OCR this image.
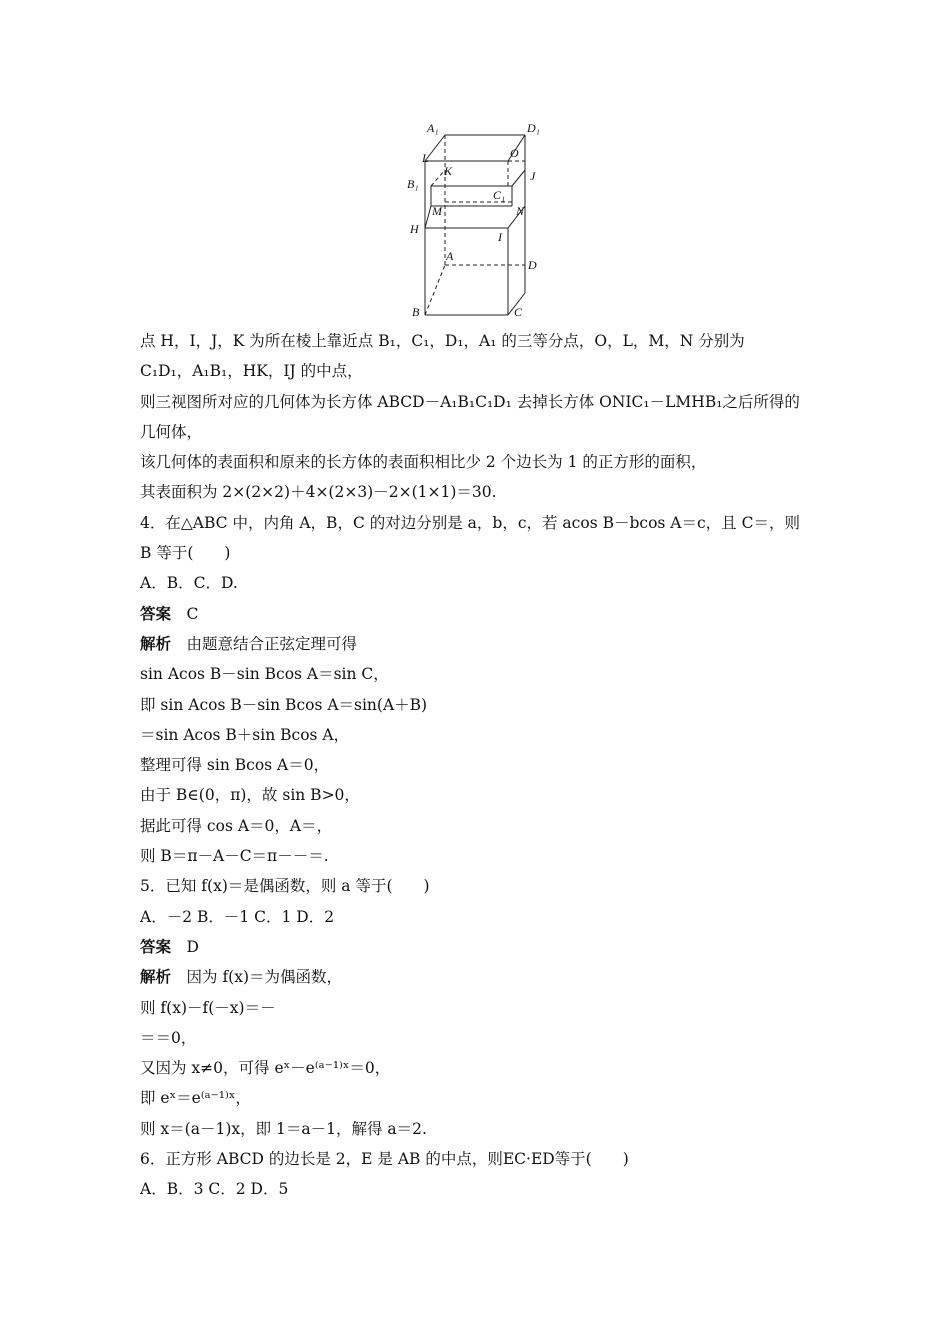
A₁	D₁
L	O
K
B₁
J
C₁
M	N
H
I
A
D
B	C
点 H，I，J，K 为所在棱上靠近点 B₁，C₁，D₁，A₁ 的三等分点，O，L，M，N 分别为
C₁D₁，A₁B₁，HK，IJ 的中点，
则三视图所对应的几何体为长方体 ABCD－A₁B₁C₁D₁ 去掉长方体 ONIC₁－LMHB₁之后所得的
几何体，
该几何体的表面积和原来的长方体的表面积相比少 2 个边长为 1 的正方形的面积，
其表面积为 2×(2×2)＋4×(2×3)－2×(1×1)＝30.
4．在△ABC 中，内角 A，B，C 的对边分别是 a，b，c，若 acos B－bcos A＝c，且 C＝，则
B 等于(　　)
A．B．C．D.
答案　C
解析　由题意结合正弦定理可得
sin Acos B－sin Bcos A＝sin C，
即 sin Acos B－sin Bcos A＝sin(A＋B)
＝sin Acos B＋sin Bcos A，
整理可得 sin Bcos A＝0，
由于 B∈(0，π)，故 sin B>0，
据此可得 cos A＝0，A＝，
则 B＝π－A－C＝π－－＝.
5．已知 f(x)＝是偶函数，则 a 等于(　　)
A．－2 B．－1 C．1 D．2
答案　D
解析　因为 f(x)＝为偶函数，
则 f(x)－f(－x)＝－
＝＝0，
又因为 x≠0，可得 eˣ－e⁽ᵃ⁻¹⁾ˣ＝0，
即 eˣ＝e⁽ᵃ⁻¹⁾ˣ，
则 x＝(a－1)x，即 1＝a－1，解得 a＝2.
6．正方形 ABCD 的边长是 2，E 是 AB 的中点，则EC·ED等于(　　)
A．B．3 C．2 D．5
